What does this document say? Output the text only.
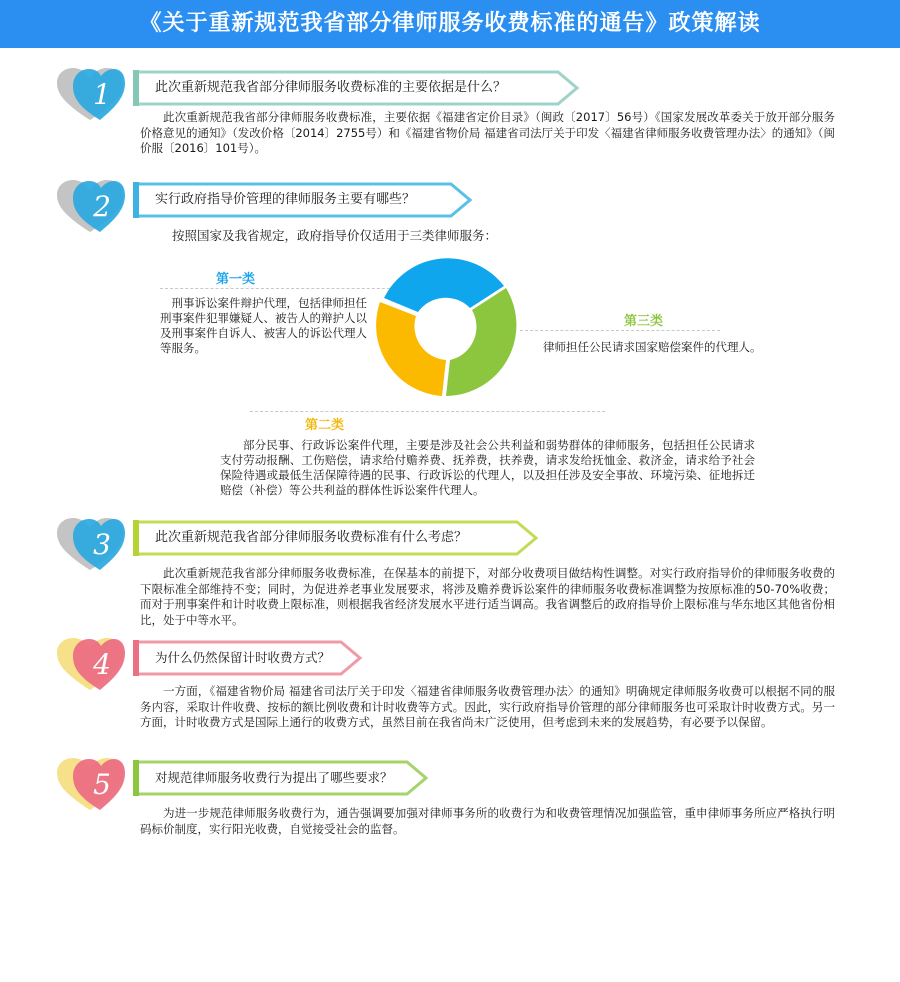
《关于重新规范我省部分律师服务收费标准的通告》政策解读
1	此次重新规范我省部分律师服务收费标准的主要依据是什么？
此次重新规范我省部分律师服务收费标准，主要依据《福建省定价目录》（闽政〔2017〕56号）《国家发展改革委关于放开部分服务价格意见的通知》（发改价格〔2014〕2755号）和《福建省物价局 福建省司法厅关于印发〈福建省律师服务收费管理办法〉的通知》（闽价服〔2016〕101号）。
2	实行政府指导价管理的律师服务主要有哪些？
按照国家及我省规定，政府指导价仅适用于三类律师服务：
第一类
刑事诉讼案件辩护代理，包括律师担任刑事案件犯罪嫌疑人、被告人的辩护人以及刑事案件自诉人、被害人的诉讼代理人等服务。
第三类
律师担任公民请求国家赔偿案件的代理人。
第二类
部分民事、行政诉讼案件代理，主要是涉及社会公共利益和弱势群体的律师服务，包括担任公民请求支付劳动报酬、工伤赔偿，请求给付赡养费、抚养费，扶养费，请求发给抚恤金、救济金，请求给予社会保险待遇或最低生活保障待遇的民事、行政诉讼的代理人，以及担任涉及安全事故、环境污染、征地拆迁赔偿（补偿）等公共利益的群体性诉讼案件代理人。
3	此次重新规范我省部分律师服务收费标准有什么考虑？
此次重新规范我省部分律师服务收费标准，在保基本的前提下，对部分收费项目做结构性调整。对实行政府指导价的律师服务收费的下限标准全部维持不变；同时，为促进养老事业发展要求，将涉及赡养费诉讼案件的律师服务收费标准调整为按原标准的50-70%收费；而对于刑事案件和计时收费上限标准，则根据我省经济发展水平进行适当调高。我省调整后的政府指导价上限标准与华东地区其他省份相比，处于中等水平。
4	为什么仍然保留计时收费方式？
一方面，《福建省物价局 福建省司法厅关于印发〈福建省律师服务收费管理办法〉的通知》明确规定律师服务收费可以根据不同的服务内容，采取计件收费、按标的额比例收费和计时收费等方式。因此，实行政府指导价管理的部分律师服务也可采取计时收费方式。另一方面，计时收费方式是国际上通行的收费方式，虽然目前在我省尚未广泛使用，但考虑到未来的发展趋势，有必要予以保留。
5	对规范律师服务收费行为提出了哪些要求？
为进一步规范律师服务收费行为，通告强调要加强对律师事务所的收费行为和收费管理情况加强监管，重申律师事务所应严格执行明码标价制度，实行阳光收费，自觉接受社会的监督。
